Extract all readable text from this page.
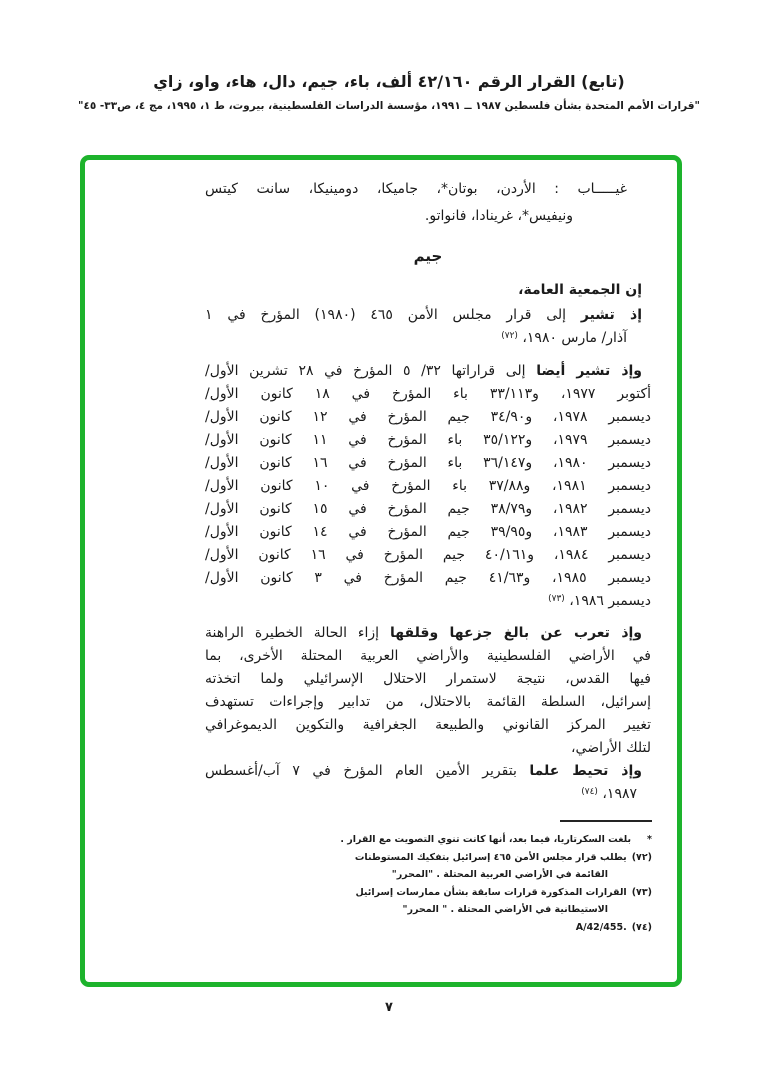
(تابع) القرار الرقم ٤٢/١٦٠ ألف، باء، جيم، دال، هاء، واو، زاي
"قرارات الأمم المتحدة بشأن فلسطين ١٩٨٧ ــ ١٩٩١، مؤسسة الدراسات الفلسطينية، بيروت، ط ١، ١٩٩٥، مج ٤، ص٣٣- ٤٥"
غيـــــاب : الأردن، بوتان*، جاميكا، دومينيكا، سانت كيتس
ونيفيس*، غرينادا، فانواتو.
جيم
إن الجمعية العامة،
إذ تشير إلى قرار مجلس الأمن ٤٦٥ (١٩٨٠) المؤرخ في ١
آذار/ مارس ١٩٨٠، $^{(٧٢)}$
وإذ تشير أيضا إلى قراراتها ٣٢/ ٥ المؤرخ في ٢٨ تشرين الأول/
أكتوبر ١٩٧٧، و٣٣/١١٣ باء المؤرخ في ١٨ كانون الأول/
ديسمبر ١٩٧٨، و٣٤/٩٠ جيم المؤرخ في ١٢ كانون الأول/
ديسمبر ١٩٧٩، و٣٥/١٢٢ باء المؤرخ في ١١ كانون الأول/
ديسمبر ١٩٨٠، و٣٦/١٤٧ باء المؤرخ في ١٦ كانون الأول/
ديسمبر ١٩٨١، و٣٧/٨٨ باء المؤرخ في ١٠ كانون الأول/
ديسمبر ١٩٨٢، و٣٨/٧٩ جيم المؤرخ في ١٥ كانون الأول/
ديسمبر ١٩٨٣، و٣٩/٩٥ جيم المؤرخ في ١٤ كانون الأول/
ديسمبر ١٩٨٤، و٤٠/١٦١ جيم المؤرخ في ١٦ كانون الأول/
ديسمبر ١٩٨٥، و٤١/٦٣ جيم المؤرخ في ٣ كانون الأول/
ديسمبر ١٩٨٦، $^{(٧٣)}$
وإذ تعرب عن بالغ جزعها وقلقها إزاء الحالة الخطيرة الراهنة
في الأراضي الفلسطينية والأراضي العربية المحتلة الأخرى، بما
فيها القدس، نتيجة لاستمرار الاحتلال الإسرائيلي ولما اتخذته
إسرائيل، السلطة القائمة بالاحتلال، من تدابير وإجراءات تستهدف
تغيير المركز القانوني والطبيعة الجغرافية والتكوين الديموغرافي
لتلك الأراضي،
وإذ تحيط علما بتقرير الأمين العام المؤرخ في ٧ آب/أغسطس
١٩٨٧، $^{(٧٤)}$
*بلغت السكرتاريا، فيما بعد، أنها كانت تنوي التصويت مع القرار .
(٧٢)يطلب قرار مجلس الأمن ٤٦٥ إسرائيل بتفكيك المستوطنات
القائمة في الأراضي العربية المحتلة . "المحرر"
(٧٣)القرارات المذكورة قرارات سابقة بشأن ممارسات إسرائيل
الاستيطانية في الأراضي المحتلة . " المحرر"
(٧٤)A/42/455.
٧
